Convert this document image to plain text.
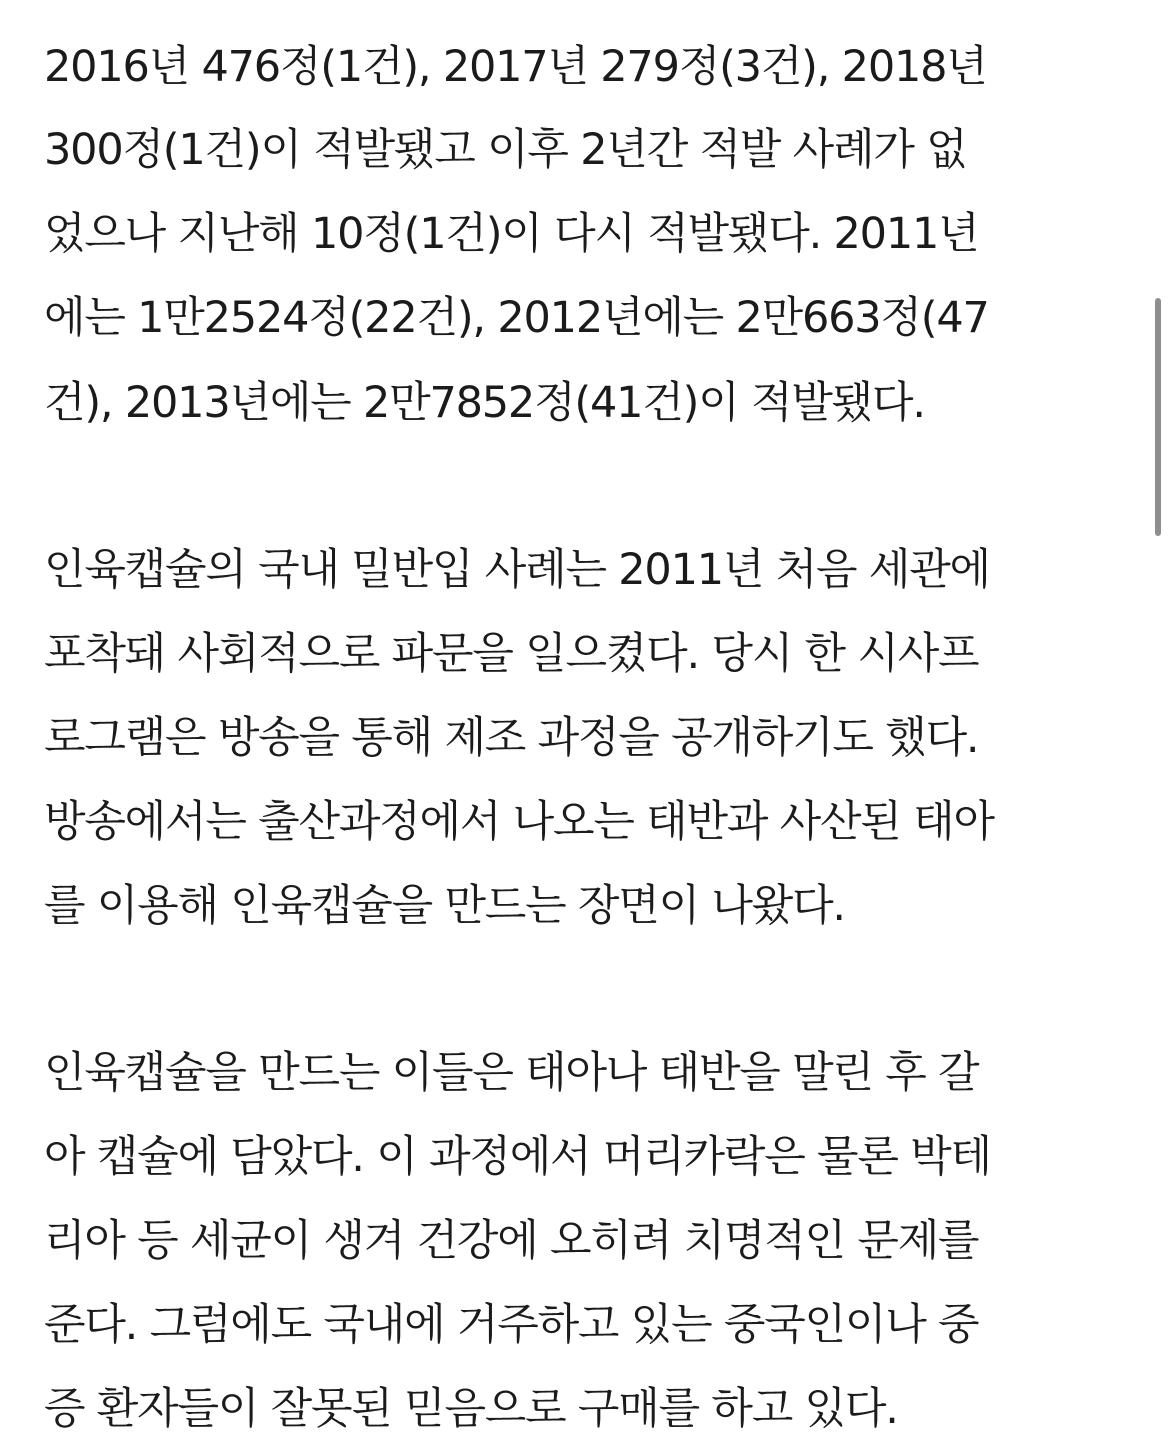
2016년 476정(1건), 2017년 279정(3건), 2018년
300정(1건)이 적발됐고 이후 2년간 적발 사례가 없
었으나 지난해 10정(1건)이 다시 적발됐다. 2011년
에는 1만2524정(22건), 2012년에는 2만663정(47
건), 2013년에는 2만7852정(41건)이 적발됐다.
인육캡슐의 국내 밀반입 사례는 2011년 처음 세관에
포착돼 사회적으로 파문을 일으켰다. 당시 한 시사프
로그램은 방송을 통해 제조 과정을 공개하기도 했다.
방송에서는 출산과정에서 나오는 태반과 사산된 태아
를 이용해 인육캡슐을 만드는 장면이 나왔다.
인육캡슐을 만드는 이들은 태아나 태반을 말린 후 갈
아 캡슐에 담았다. 이 과정에서 머리카락은 물론 박테
리아 등 세균이 생겨 건강에 오히려 치명적인 문제를
준다. 그럼에도 국내에 거주하고 있는 중국인이나 중
증 환자들이 잘못된 믿음으로 구매를 하고 있다.
